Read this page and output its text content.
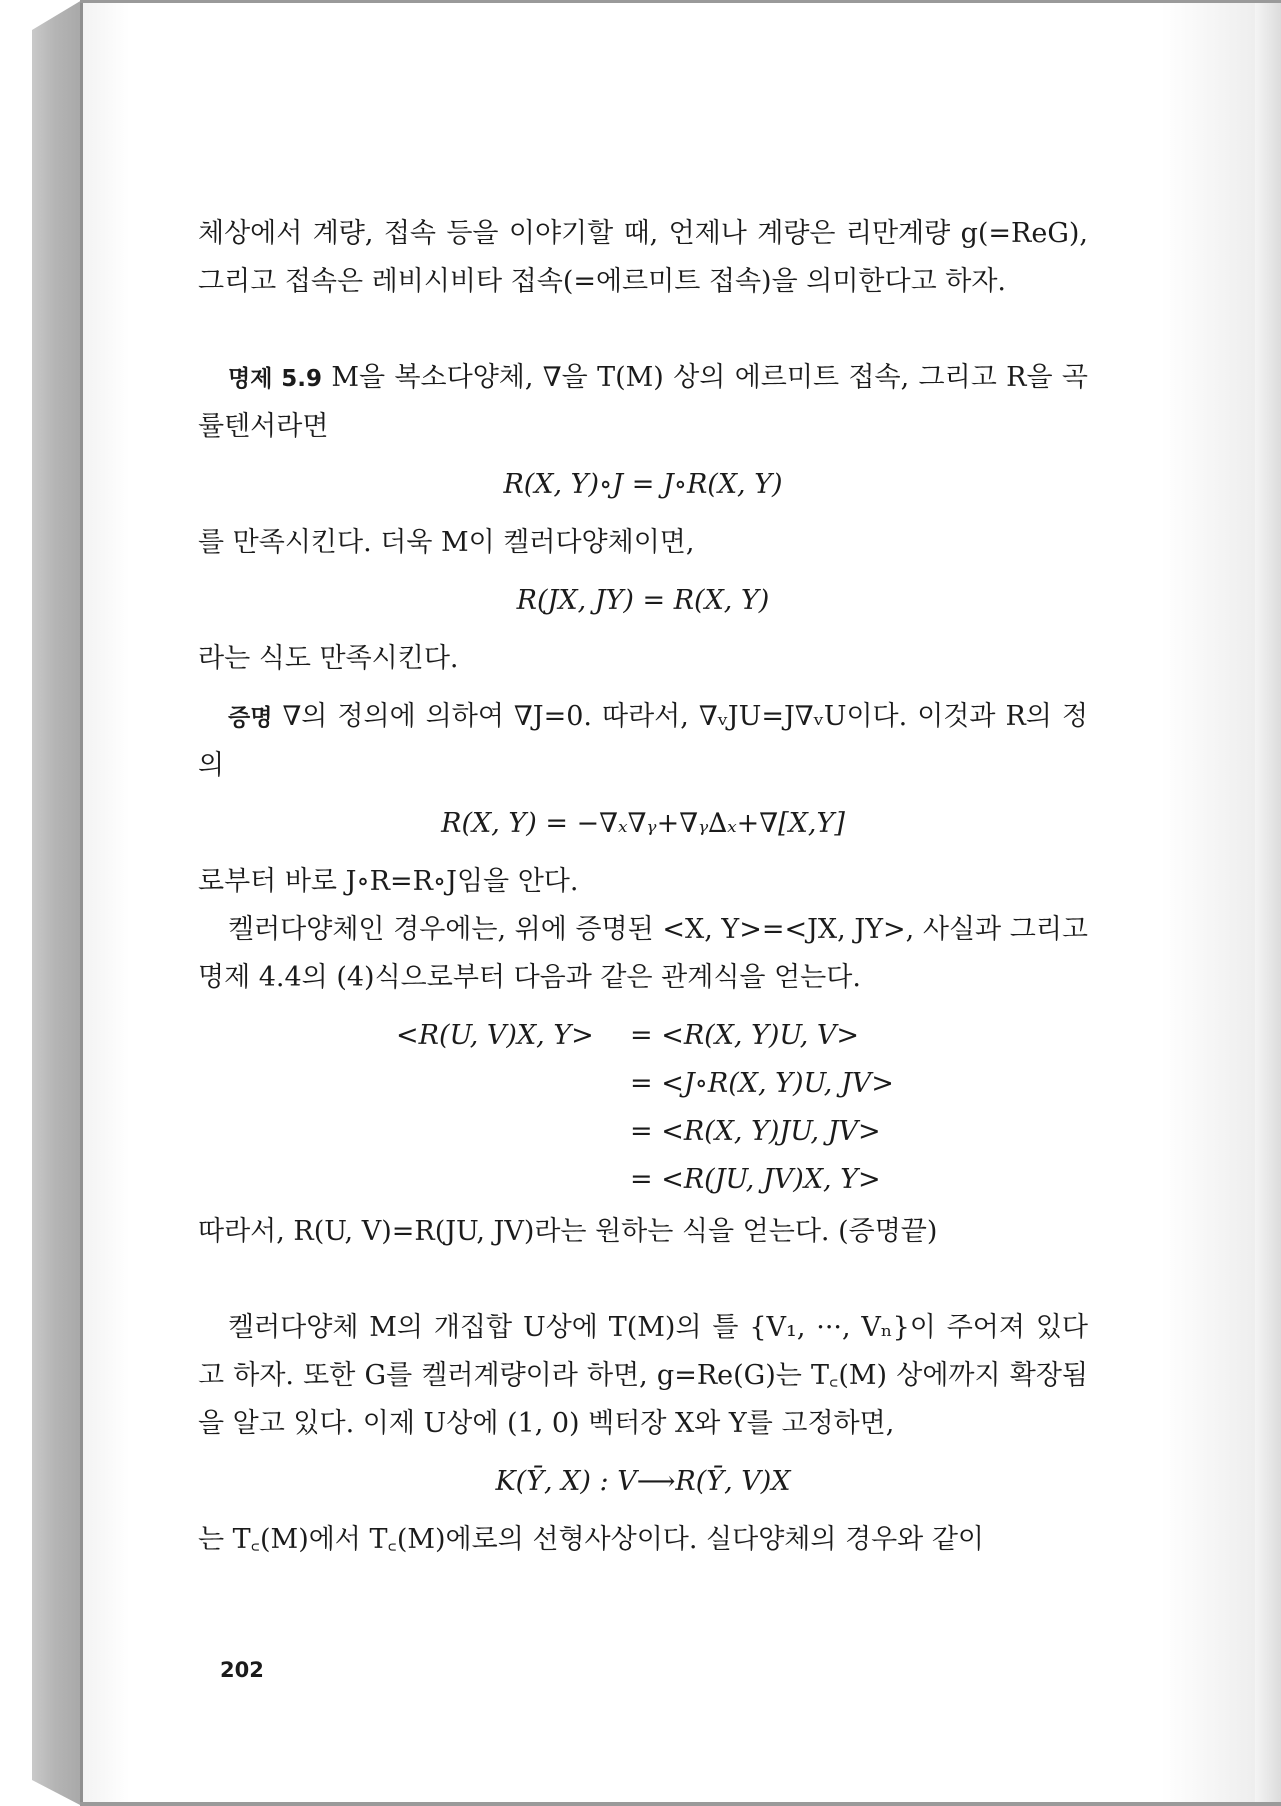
체상에서 계량, 접속 등을 이야기할 때, 언제나 계량은 리만계량 g(=ReG), 그리고 접속은 레비시비타 접속(=에르미트 접속)을 의미한다고 하자.

명제 5.9 M을 복소다양체, ∇을 T(M) 상의 에르미트 접속, 그리고 R을 곡률텐서라면

R(X, Y)∘J = J∘R(X, Y)

를 만족시킨다. 더욱 M이 켈러다양체이면,

R(JX, JY) = R(X, Y)

라는 식도 만족시킨다.

증명 ∇의 정의에 의하여 ∇J=0. 따라서, ∇ᵥJU=J∇ᵥU이다. 이것과 R의 정의

R(X, Y) = −∇ₓ∇ᵧ+∇ᵧ∆ₓ+∇[X,Y]

로부터 바로 J∘R=R∘J임을 안다.

켈러다양체인 경우에는, 위에 증명된 <X, Y>=<JX, JY>, 사실과 그리고 명제 4.4의 (4)식으로부터 다음과 같은 관계식을 얻는다.

<R(U, V)X, Y> = <R(X, Y)U, V>
= <J∘R(X, Y)U, JV>
= <R(X, Y)JU, JV>
= <R(JU, JV)X, Y>

따라서, R(U, V)=R(JU, JV)라는 원하는 식을 얻는다. (증명끝)

켈러다양체 M의 개집합 U상에 T(M)의 틀 {V₁, ···, Vₙ}이 주어져 있다고 하자. 또한 G를 켈러계량이라 하면, g=Re(G)는 T꜀(M) 상에까지 확장됨을 알고 있다. 이제 U상에 (1, 0) 벡터장 X와 Y를 고정하면,

K(Ȳ, X) : V⟶R(Ȳ, V)X

는 T꜀(M)에서 T꜀(M)에로의 선형사상이다. 실다양체의 경우와 같이

202
